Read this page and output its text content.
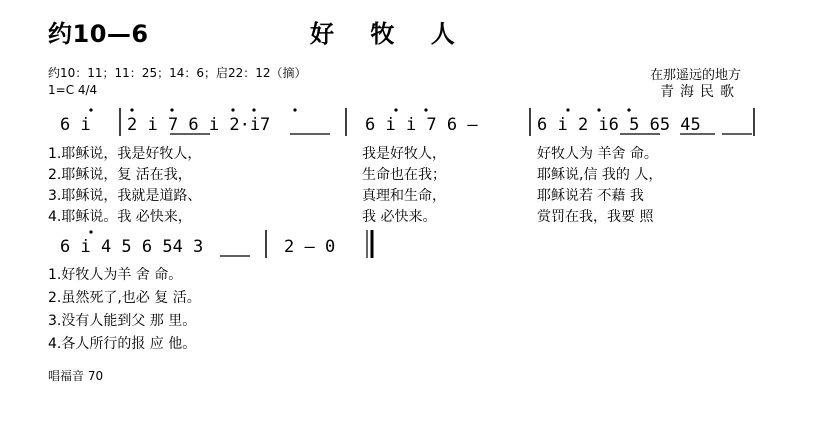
约10—6	好 牧 人
约10：11；11：25；14：6；启22：12（摘）
1=C 4/4
在那遥远的地方
青海民歌
6 i 2 i 7 6 i 2·i7	6 i i 7 6 –	6 i 2 i6 5 65 45
6 i 4 5 6 54 3	2 – 0
1.耶稣说，我是好牧人，	我是好牧人，	好牧人为 羊舍 命。
2.耶稣说，复 活在我，	生命也在我；	耶稣说,信 我的 人，
3.耶稣说，我就是道路、	真理和生命，	耶稣说若 不藉 我
4.耶稣说。我 必快来，	我 必快来。	赏罚在我，我要 照
1.好牧人为羊 舍 命。
2.虽然死了,也必 复 活。
3.没有人能到父 那 里。
4.各人所行的报 应 他。
唱福音 70
